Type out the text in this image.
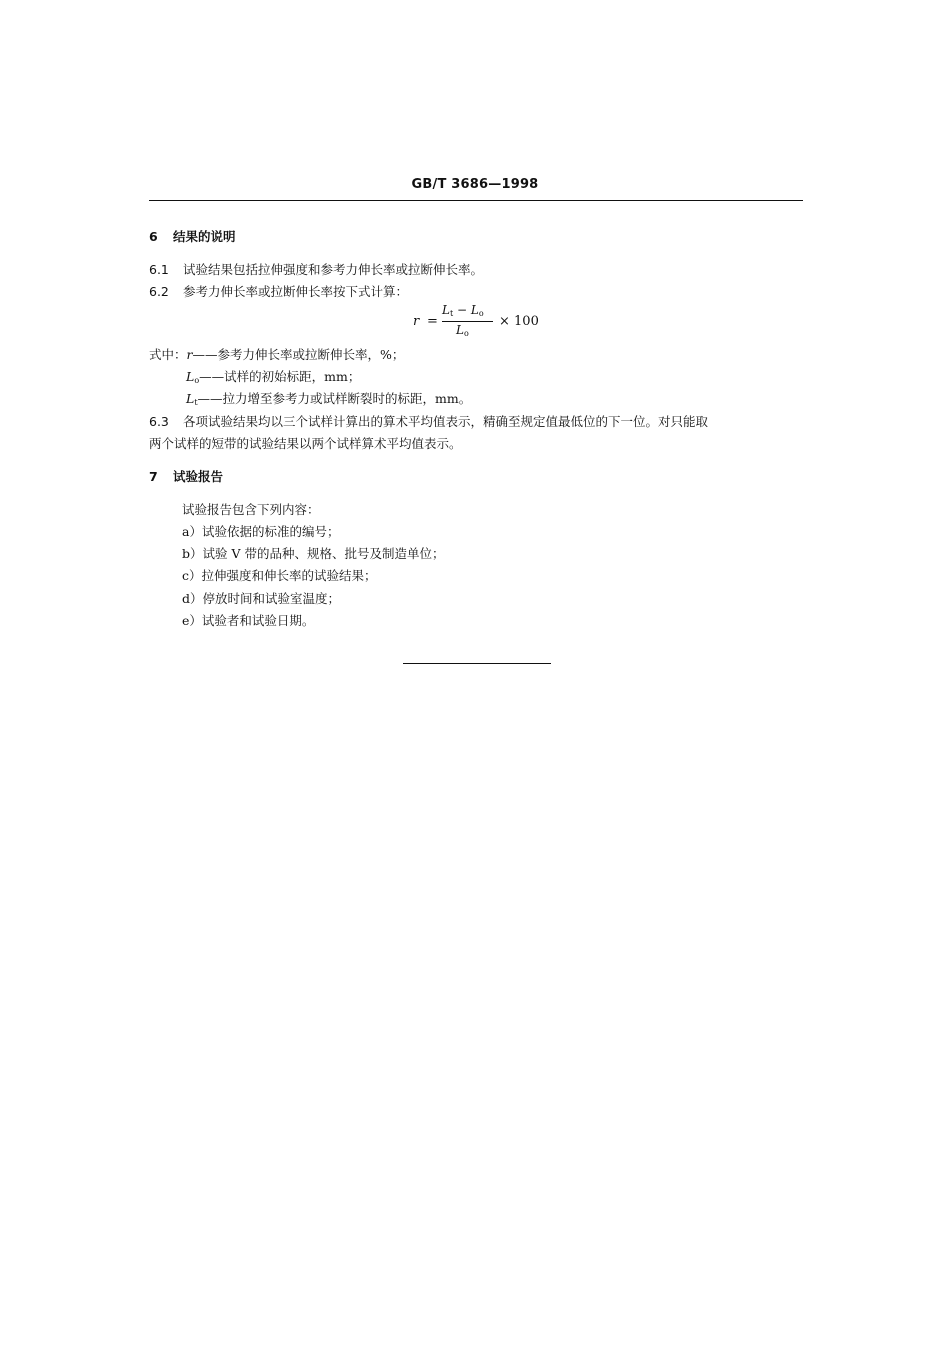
GB/T 3686—1998
6 结果的说明
6.1 试验结果包括拉伸强度和参考力伸长率或拉断伸长率。
6.2 参考力伸长率或拉断伸长率按下式计算：
r =
$L_t - L_o$
$L_o$
× 100
式中：r——参考力伸长率或拉断伸长率，%；
$L_o——$试样的初始标距，mm；
$L_t——$拉力增至参考力或试样断裂时的标距，mm。
6.3 各项试验结果均以三个试样计算出的算术平均值表示，精确至规定值最低位的下一位。对只能取
两个试样的短带的试验结果以两个试样算术平均值表示。
7 试验报告
试验报告包含下列内容：
a）试验依据的标准的编号；
b）试验 V 带的品种、规格、批号及制造单位；
c）拉伸强度和伸长率的试验结果；
d）停放时间和试验室温度；
e）试验者和试验日期。
